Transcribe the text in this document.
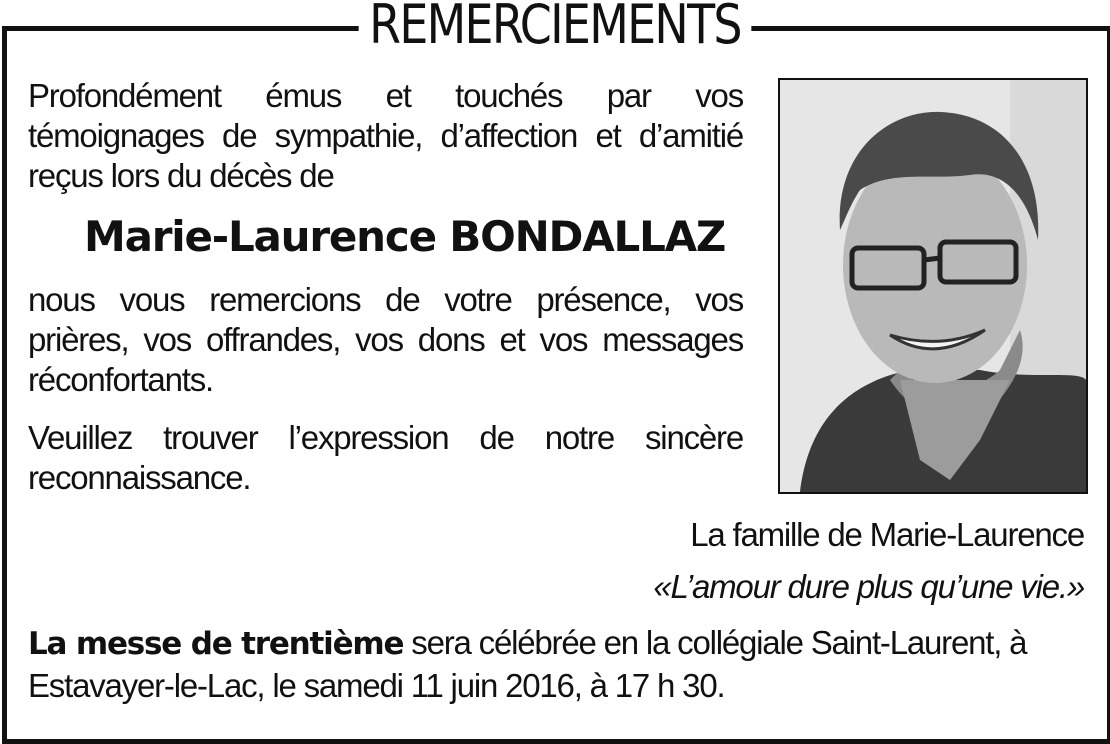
REMERCIEMENTS
Profondément émus et touchés par vos témoignages de sympathie, d’affection et d’amitié reçus lors du décès de
Marie-Laurence BONDALLAZ
nous vous remercions de votre présence, vos prières, vos offrandes, vos dons et vos messages réconfortants.
Veuillez trouver l’expression de notre sincère reconnaissance.
La famille de Marie-Laurence
«L’amour dure plus qu’une vie.»
La messe de trentième sera célébrée en la collégiale Saint-Laurent, à Estavayer-le-Lac, le samedi 11 juin 2016, à 17 h 30.
